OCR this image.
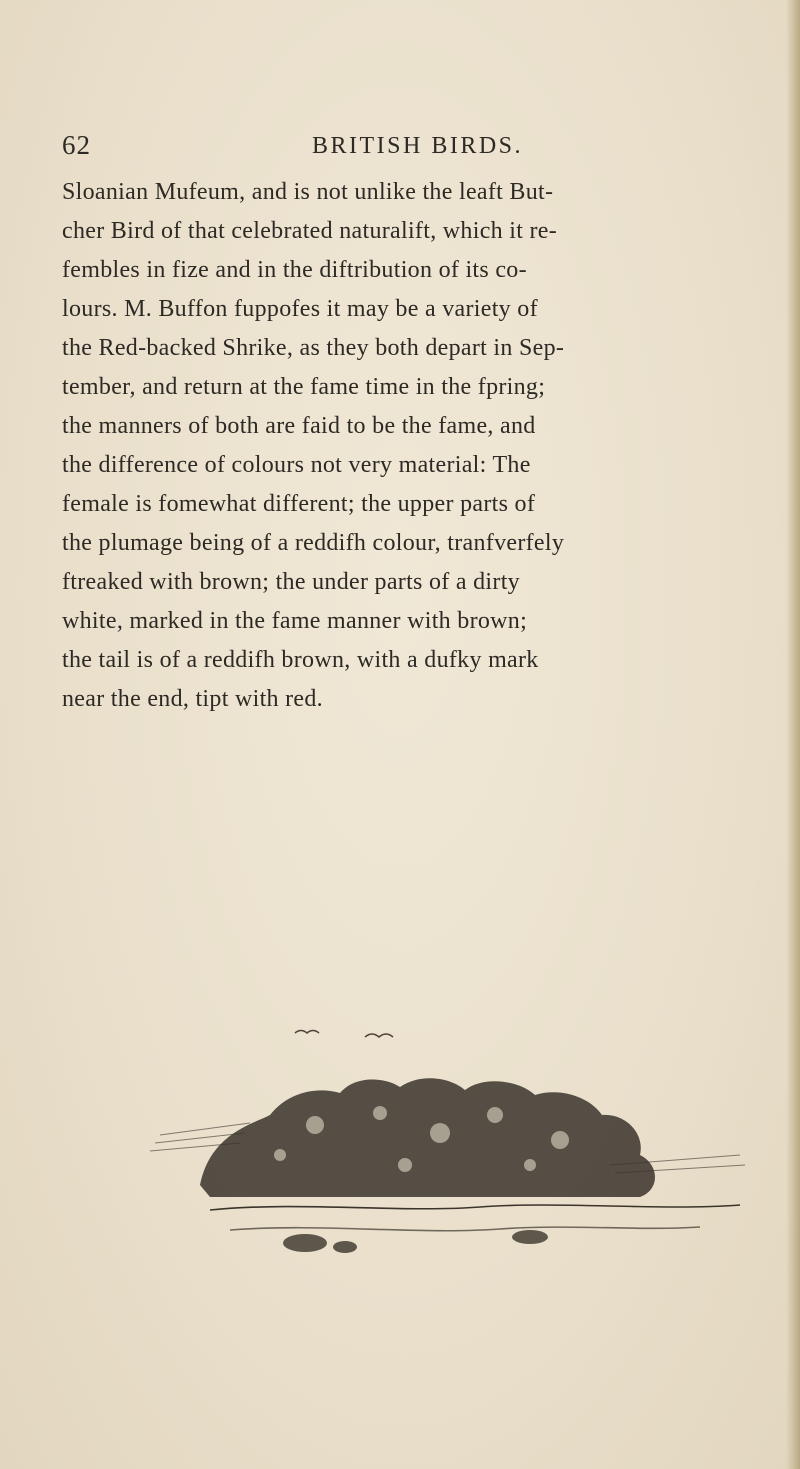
62	BRITISH BIRDS.

Sloanian Mufeum, and is not unlike the leaft But-
cher Bird of that celebrated naturalift, which it re-
fembles in fize and in the diftribution of its co-
lours. M. Buffon fuppofes it may be a variety of
the Red-backed Shrike, as they both depart in Sep-
tember, and return at the fame time in the fpring;
the manners of both are faid to be the fame, and
the difference of colours not very material: The
female is fomewhat different; the upper parts of
the plumage being of a reddifh colour, tranfverfely
ftreaked with brown; the under parts of a dirty
white, marked in the fame manner with brown;
the tail is of a reddifh brown, with a dufky mark
near the end, tipt with red.
